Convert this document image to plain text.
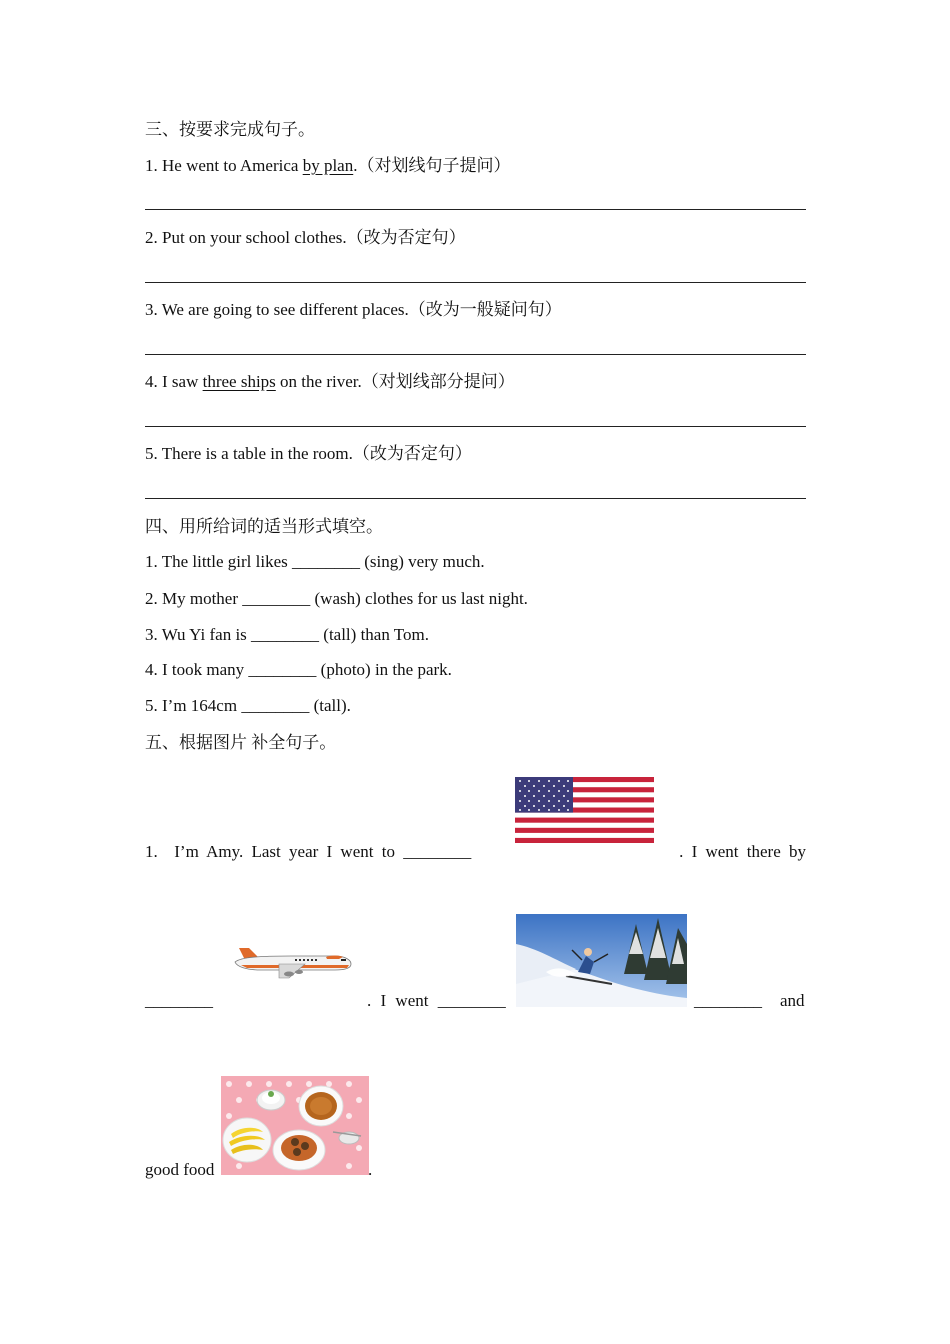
三、按要求完成句子。
1. He went to America by plan.（对划线句子提问）
2. Put on your school clothes.（改为否定句）
3. We are going to see different places.（改为一般疑问句）
4. I saw three ships on the river.（对划线部分提问）
5. There is a table in the room.（改为否定句）
四、用所给词的适当形式填空。
1. The little girl likes ________ (sing) very much.
2. My mother ________ (wash) clothes for us last night.
3. Wu Yi fan is ________ (tall) than Tom.
4. I took many ________ (photo) in the park.
5. I’m 164cm ________ (tall).
五、根据图片 补全句子。
1. I’m Amy. Last year I went to ________	. I went there by
________	. I went ________	________ and
good food	.
